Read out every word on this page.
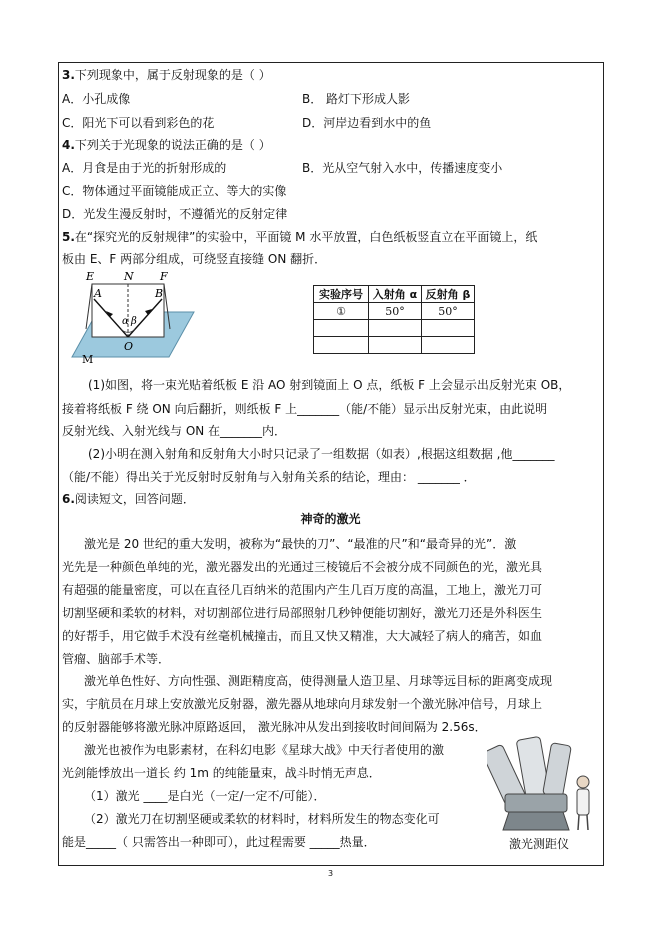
3.下列现象中，属于反射现象的是（ ）
A．小孔成像	B． 路灯下形成人影
C．阳光下可以看到彩色的花	D．河岸边看到水中的鱼
4.下列关于光现象的说法正确的是（ ）
A．月食是由于光的折射形成的	B．光从空气射入水中，传播速度变小
C．物体通过平面镜能成正立、等大的实像
D．光发生漫反射时，不遵循光的反射定律
5.在“探究光的反射规律”的实验中，平面镜 M 水平放置，白色纸板竖直立在平面镜上，纸
板由 E、F 两部分组成，可绕竖直接缝 ON 翻折．
E	N F
A	B
α β
O
M
实验序号	入射角 α	反射角 β
①	50°	50°

(1)如图，将一束光贴着纸板 E 沿 AO 射到镜面上 O 点，纸板 F 上会显示出反射光束 OB，
接着将纸板 F 绕 ON 向后翻折，则纸板 F 上_______（能/不能）显示出反射光束，由此说明
反射光线、入射光线与 ON 在_______内．
(2)小明在测入射角和反射角大小时只记录了一组数据（如表）,根据这组数据 ,他_______
（能/不能）得出关于光反射时反射角与入射角关系的结论，理由： _______ ．
6.阅读短文，回答问题．
神奇的激光
激光是 20 世纪的重大发明，被称为“最快的刀”、“最准的尺”和“最奇异的光”．激
光先是一种颜色单纯的光，激光器发出的光通过三棱镜后不会被分成不同颜色的光，激光具
有超强的能量密度，可以在直径几百纳米的范围内产生几百万度的高温，工地上，激光刀可
切割坚硬和柔软的材料，对切割部位进行局部照射几秒钟便能切割好，激光刀还是外科医生
的好帮手，用它做手术没有丝毫机械撞击，而且又快又精准，大大减轻了病人的痛苦，如血
管瘤、脑部手术等．
激光单色性好、方向性强、测距精度高，使得测量人造卫星、月球等远目标的距离变成现
实，宇航员在月球上安放激光反射器，激先器从地球向月球发射一个激光脉冲信号，月球上
的反射器能够将激光脉冲原路返回， 激光脉冲从发出到接收时间间隔为 2.56s．
激光也被作为电影素材，在科幻电影《星球大战》中天行者使用的激
光剑能悸放出一道长 约 1m 的纯能量束，战斗时悄无声息．
（1）激光 ____是白光（一定/一定不/可能）．
（2）激光刀在切割坚硬或柔软的材料时，材料所发生的物态变化可
能是_____（ 只需答出一种即可），此过程需要 _____热量．	激光测距仪
3
